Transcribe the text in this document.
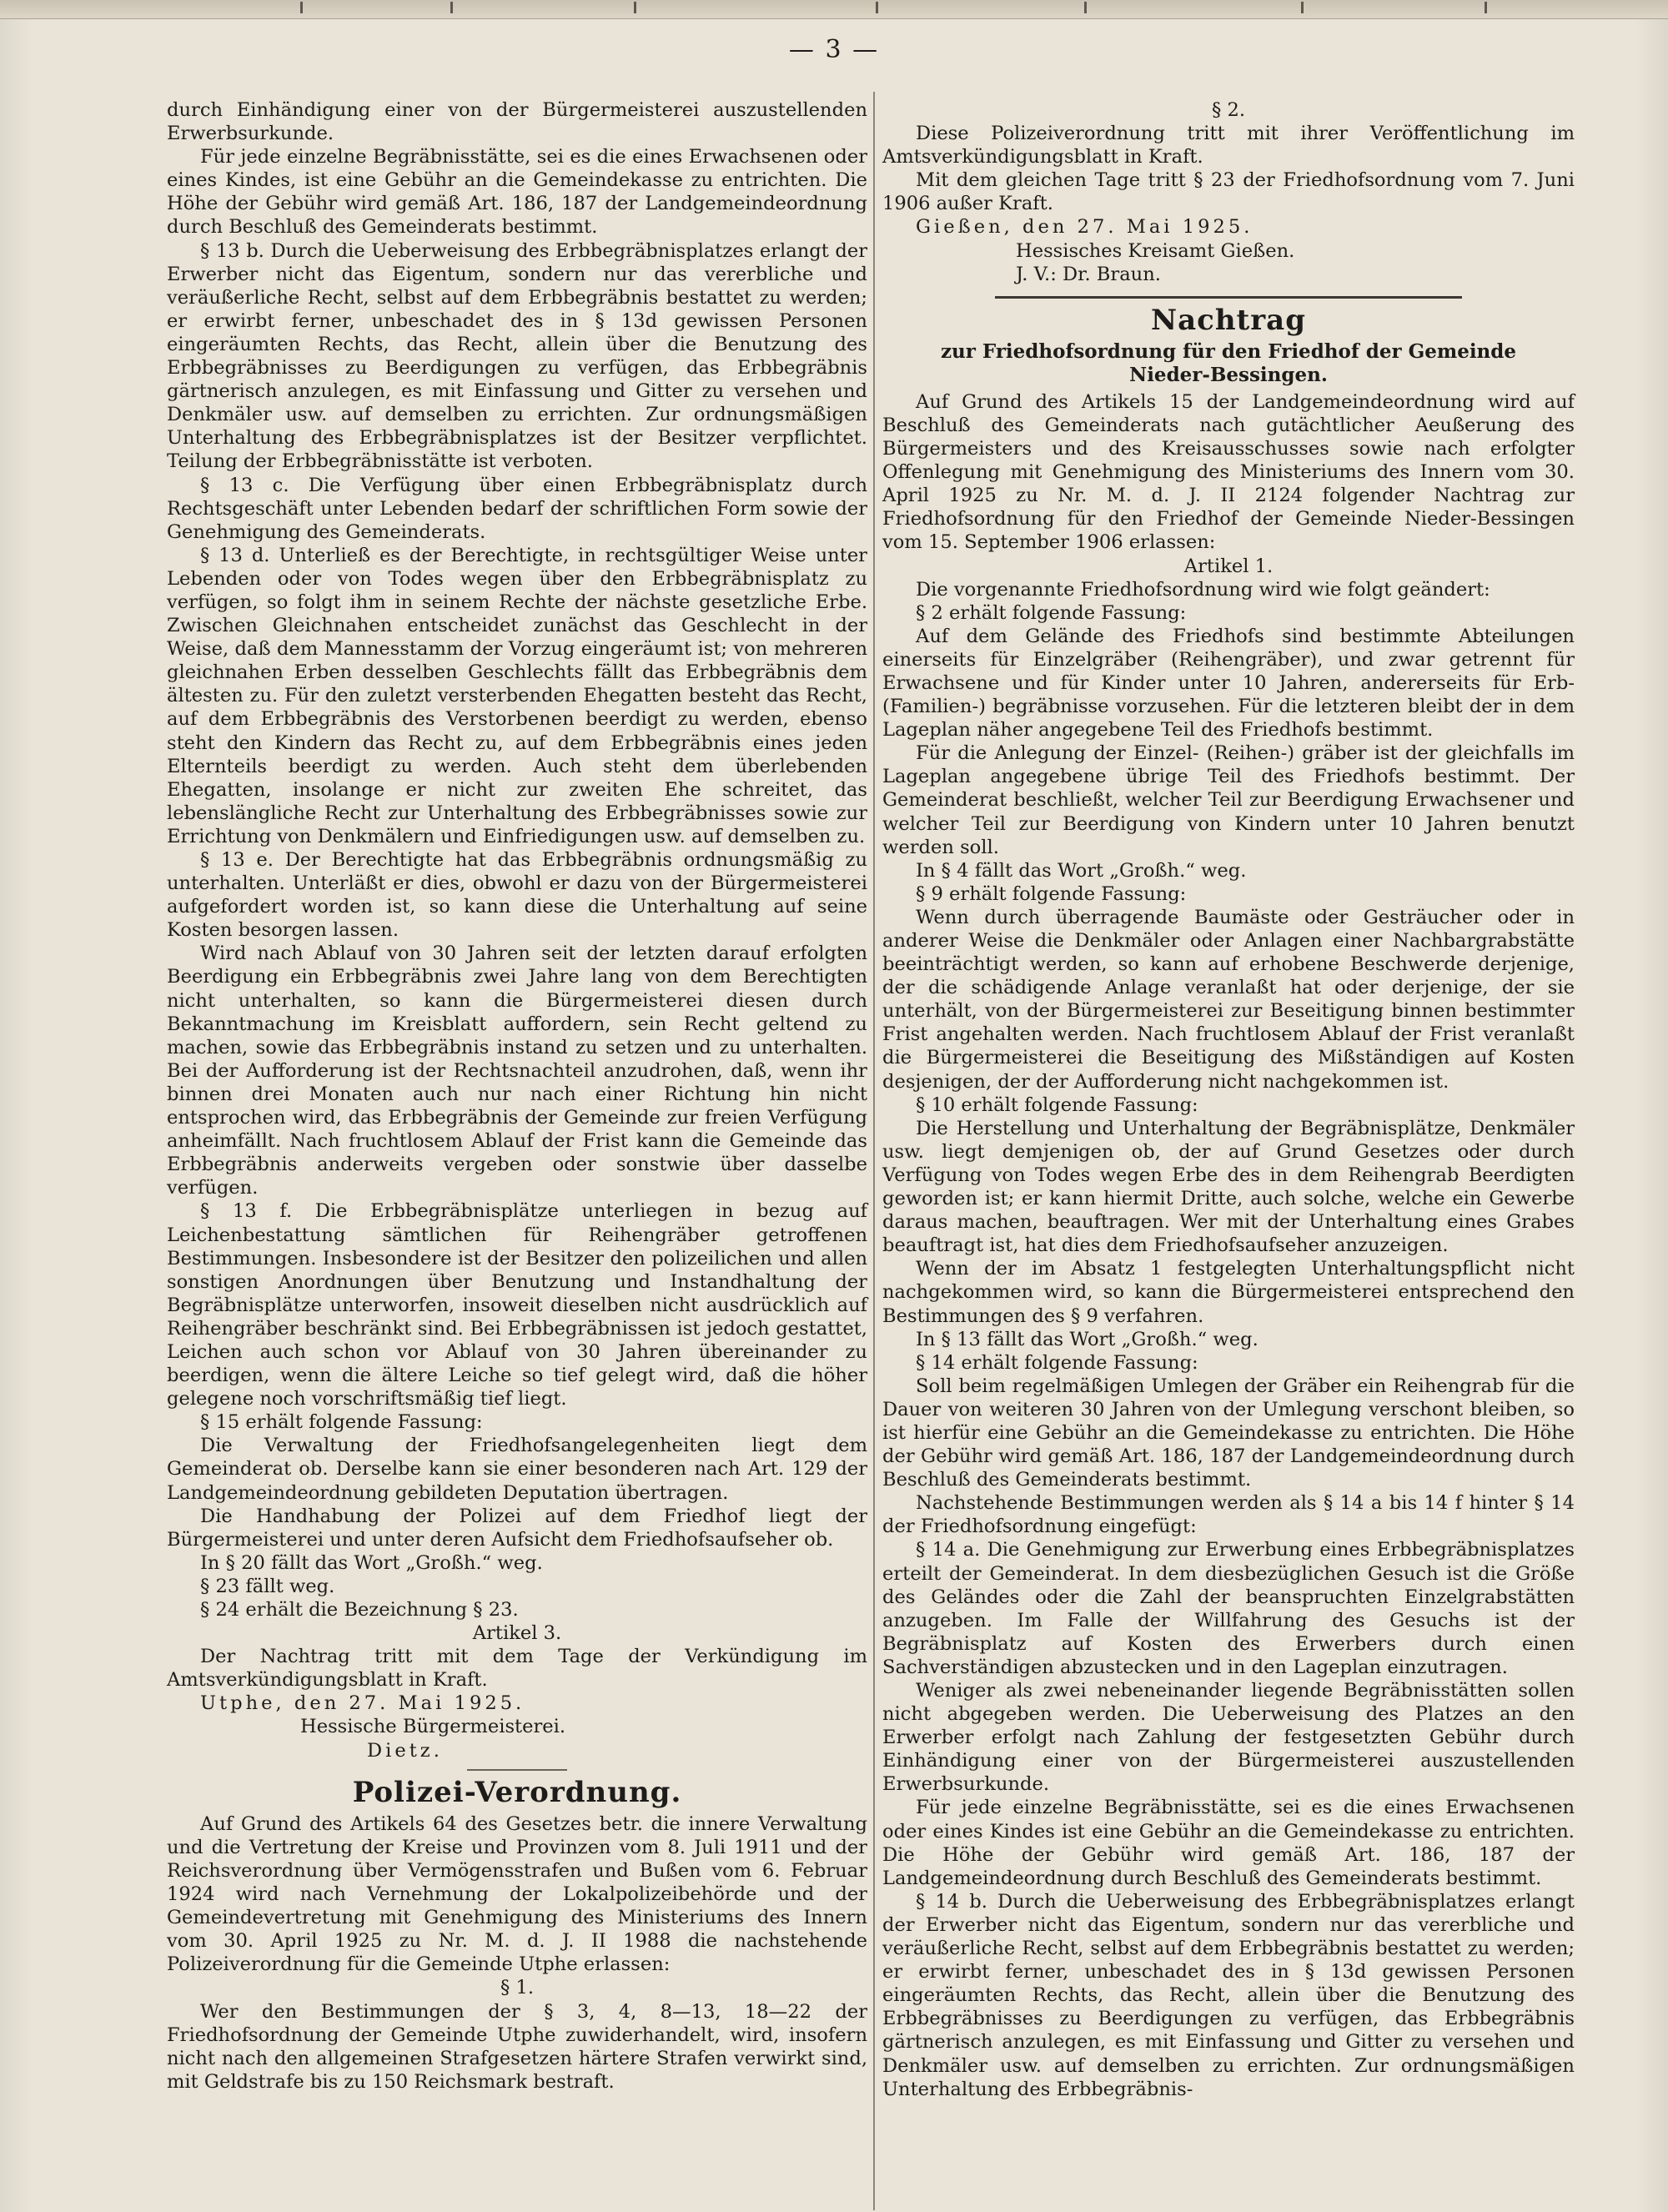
— 3 —

durch Einhändigung einer von der Bürgermeisterei auszustellenden Erwerbsurkunde.

Für jede einzelne Begräbnisstätte, sei es die eines Erwachsenen oder eines Kindes, ist eine Gebühr an die Gemeindekasse zu entrichten. Die Höhe der Gebühr wird gemäß Art. 186, 187 der Landgemeindeordnung durch Beschluß des Gemeinderats bestimmt.

§ 13 b. Durch die Ueberweisung des Erbbegräbnisplatzes erlangt der Erwerber nicht das Eigentum, sondern nur das vererbliche und veräußerliche Recht, selbst auf dem Erbbegräbnis bestattet zu werden; er erwirbt ferner, unbeschadet des in § 13d gewissen Personen eingeräumten Rechts, das Recht, allein über die Benutzung des Erbbegräbnisses zu Beerdigungen zu verfügen, das Erbbegräbnis gärtnerisch anzulegen, es mit Einfassung und Gitter zu versehen und Denkmäler usw. auf demselben zu errichten. Zur ordnungsmäßigen Unterhaltung des Erbbegräbnisplatzes ist der Besitzer verpflichtet. Teilung der Erbbegräbnisstätte ist verboten.

§ 13 c. Die Verfügung über einen Erbbegräbnisplatz durch Rechtsgeschäft unter Lebenden bedarf der schriftlichen Form sowie der Genehmigung des Gemeinderats.

§ 13 d. Unterließ es der Berechtigte, in rechtsgültiger Weise unter Lebenden oder von Todes wegen über den Erbbegräbnisplatz zu verfügen, so folgt ihm in seinem Rechte der nächste gesetzliche Erbe. Zwischen Gleichnahen entscheidet zunächst das Geschlecht in der Weise, daß dem Mannesstamm der Vorzug eingeräumt ist; von mehreren gleichnahen Erben desselben Geschlechts fällt das Erbbegräbnis dem ältesten zu. Für den zuletzt versterbenden Ehegatten besteht das Recht, auf dem Erbbegräbnis des Verstorbenen beerdigt zu werden, ebenso steht den Kindern das Recht zu, auf dem Erbbegräbnis eines jeden Elternteils beerdigt zu werden. Auch steht dem überlebenden Ehegatten, insolange er nicht zur zweiten Ehe schreitet, das lebenslängliche Recht zur Unterhaltung des Erbbegräbnisses sowie zur Errichtung von Denkmälern und Einfriedigungen usw. auf demselben zu.

§ 13 e. Der Berechtigte hat das Erbbegräbnis ordnungsmäßig zu unterhalten. Unterläßt er dies, obwohl er dazu von der Bürgermeisterei aufgefordert worden ist, so kann diese die Unterhaltung auf seine Kosten besorgen lassen.

Wird nach Ablauf von 30 Jahren seit der letzten darauf erfolgten Beerdigung ein Erbbegräbnis zwei Jahre lang von dem Berechtigten nicht unterhalten, so kann die Bürgermeisterei diesen durch Bekanntmachung im Kreisblatt auffordern, sein Recht geltend zu machen, sowie das Erbbegräbnis instand zu setzen und zu unterhalten. Bei der Aufforderung ist der Rechtsnachteil anzudrohen, daß, wenn ihr binnen drei Monaten auch nur nach einer Richtung hin nicht entsprochen wird, das Erbbegräbnis der Gemeinde zur freien Verfügung anheimfällt. Nach fruchtlosem Ablauf der Frist kann die Gemeinde das Erbbegräbnis anderweits vergeben oder sonstwie über dasselbe verfügen.

§ 13 f. Die Erbbegräbnisplätze unterliegen in bezug auf Leichenbestattung sämtlichen für Reihengräber getroffenen Bestimmungen. Insbesondere ist der Besitzer den polizeilichen und allen sonstigen Anordnungen über Benutzung und Instandhaltung der Begräbnisplätze unterworfen, insoweit dieselben nicht ausdrücklich auf Reihengräber beschränkt sind. Bei Erbbegräbnissen ist jedoch gestattet, Leichen auch schon vor Ablauf von 30 Jahren übereinander zu beerdigen, wenn die ältere Leiche so tief gelegt wird, daß die höher gelegene noch vorschriftsmäßig tief liegt.

§ 15 erhält folgende Fassung:

Die Verwaltung der Friedhofsangelegenheiten liegt dem Gemeinderat ob. Derselbe kann sie einer besonderen nach Art. 129 der Landgemeindeordnung gebildeten Deputation übertragen.

Die Handhabung der Polizei auf dem Friedhof liegt der Bürgermeisterei und unter deren Aufsicht dem Friedhofsaufseher ob.

In § 20 fällt das Wort „Großh.“ weg.

§ 23 fällt weg.

§ 24 erhält die Bezeichnung § 23.

Artikel 3.

Der Nachtrag tritt mit dem Tage der Verkündigung im Amtsverkündigungsblatt in Kraft.

Utphe, den 27. Mai 1925.

Hessische Bürgermeisterei.

Dietz.

Polizei-Verordnung.

Auf Grund des Artikels 64 des Gesetzes betr. die innere Verwaltung und die Vertretung der Kreise und Provinzen vom 8. Juli 1911 und der Reichsverordnung über Vermögensstrafen und Bußen vom 6. Februar 1924 wird nach Vernehmung der Lokalpolizeibehörde und der Gemeindevertretung mit Genehmigung des Ministeriums des Innern vom 30. April 1925 zu Nr. M. d. J. II 1988 die nachstehende Polizeiverordnung für die Gemeinde Utphe erlassen:

§ 1.

Wer den Bestimmungen der § 3, 4, 8—13, 18—22 der Friedhofsordnung der Gemeinde Utphe zuwiderhandelt, wird, insofern nicht nach den allgemeinen Strafgesetzen härtere Strafen verwirkt sind, mit Geldstrafe bis zu 150 Reichsmark bestraft.

§ 2.

Diese Polizeiverordnung tritt mit ihrer Veröffentlichung im Amtsverkündigungsblatt in Kraft.

Mit dem gleichen Tage tritt § 23 der Friedhofsordnung vom 7. Juni 1906 außer Kraft.

Gießen, den 27. Mai 1925.

Hessisches Kreisamt Gießen.

J. V.: Dr. Braun.

Nachtrag
zur Friedhofsordnung für den Friedhof der Gemeinde
Nieder-Bessingen.

Auf Grund des Artikels 15 der Landgemeindeordnung wird auf Beschluß des Gemeinderats nach gutächtlicher Aeußerung des Bürgermeisters und des Kreisausschusses sowie nach erfolgter Offenlegung mit Genehmigung des Ministeriums des Innern vom 30. April 1925 zu Nr. M. d. J. II 2124 folgender Nachtrag zur Friedhofsordnung für den Friedhof der Gemeinde Nieder-Bessingen vom 15. September 1906 erlassen:

Artikel 1.

Die vorgenannte Friedhofsordnung wird wie folgt geändert:

§ 2 erhält folgende Fassung:

Auf dem Gelände des Friedhofs sind bestimmte Abteilungen einerseits für Einzelgräber (Reihengräber), und zwar getrennt für Erwachsene und für Kinder unter 10 Jahren, andererseits für Erb- (Familien-) begräbnisse vorzusehen. Für die letzteren bleibt der in dem Lageplan näher angegebene Teil des Friedhofs bestimmt.

Für die Anlegung der Einzel- (Reihen-) gräber ist der gleichfalls im Lageplan angegebene übrige Teil des Friedhofs bestimmt. Der Gemeinderat beschließt, welcher Teil zur Beerdigung Erwachsener und welcher Teil zur Beerdigung von Kindern unter 10 Jahren benutzt werden soll.

In § 4 fällt das Wort „Großh.“ weg.

§ 9 erhält folgende Fassung:

Wenn durch überragende Baumäste oder Gesträucher oder in anderer Weise die Denkmäler oder Anlagen einer Nachbargrabstätte beeinträchtigt werden, so kann auf erhobene Beschwerde derjenige, der die schädigende Anlage veranlaßt hat oder derjenige, der sie unterhält, von der Bürgermeisterei zur Beseitigung binnen bestimmter Frist angehalten werden. Nach fruchtlosem Ablauf der Frist veranlaßt die Bürgermeisterei die Beseitigung des Mißständigen auf Kosten desjenigen, der der Aufforderung nicht nachgekommen ist.

§ 10 erhält folgende Fassung:

Die Herstellung und Unterhaltung der Begräbnisplätze, Denkmäler usw. liegt demjenigen ob, der auf Grund Gesetzes oder durch Verfügung von Todes wegen Erbe des in dem Reihengrab Beerdigten geworden ist; er kann hiermit Dritte, auch solche, welche ein Gewerbe daraus machen, beauftragen. Wer mit der Unterhaltung eines Grabes beauftragt ist, hat dies dem Friedhofsaufseher anzuzeigen.

Wenn der im Absatz 1 festgelegten Unterhaltungspflicht nicht nachgekommen wird, so kann die Bürgermeisterei entsprechend den Bestimmungen des § 9 verfahren.

In § 13 fällt das Wort „Großh.“ weg.

§ 14 erhält folgende Fassung:

Soll beim regelmäßigen Umlegen der Gräber ein Reihengrab für die Dauer von weiteren 30 Jahren von der Umlegung verschont bleiben, so ist hierfür eine Gebühr an die Gemeindekasse zu entrichten. Die Höhe der Gebühr wird gemäß Art. 186, 187 der Landgemeindeordnung durch Beschluß des Gemeinderats bestimmt.

Nachstehende Bestimmungen werden als § 14 a bis 14 f hinter § 14 der Friedhofsordnung eingefügt:

§ 14 a. Die Genehmigung zur Erwerbung eines Erbbegräbnisplatzes erteilt der Gemeinderat. In dem diesbezüglichen Gesuch ist die Größe des Geländes oder die Zahl der beanspruchten Einzelgrabstätten anzugeben. Im Falle der Willfahrung des Gesuchs ist der Begräbnisplatz auf Kosten des Erwerbers durch einen Sachverständigen abzustecken und in den Lageplan einzutragen.

Weniger als zwei nebeneinander liegende Begräbnisstätten sollen nicht abgegeben werden. Die Ueberweisung des Platzes an den Erwerber erfolgt nach Zahlung der festgesetzten Gebühr durch Einhändigung einer von der Bürgermeisterei auszustellenden Erwerbsurkunde.

Für jede einzelne Begräbnisstätte, sei es die eines Erwachsenen oder eines Kindes ist eine Gebühr an die Gemeindekasse zu entrichten. Die Höhe der Gebühr wird gemäß Art. 186, 187 der Landgemeindeordnung durch Beschluß des Gemeinderats bestimmt.

§ 14 b. Durch die Ueberweisung des Erbbegräbnisplatzes erlangt der Erwerber nicht das Eigentum, sondern nur das vererbliche und veräußerliche Recht, selbst auf dem Erbbegräbnis bestattet zu werden; er erwirbt ferner, unbeschadet des in § 13d gewissen Personen eingeräumten Rechts, das Recht, allein über die Benutzung des Erbbegräbnisses zu Beerdigungen zu verfügen, das Erbbegräbnis gärtnerisch anzulegen, es mit Einfassung und Gitter zu versehen und Denkmäler usw. auf demselben zu errichten. Zur ordnungsmäßigen Unterhaltung des Erbbegräbnis-
